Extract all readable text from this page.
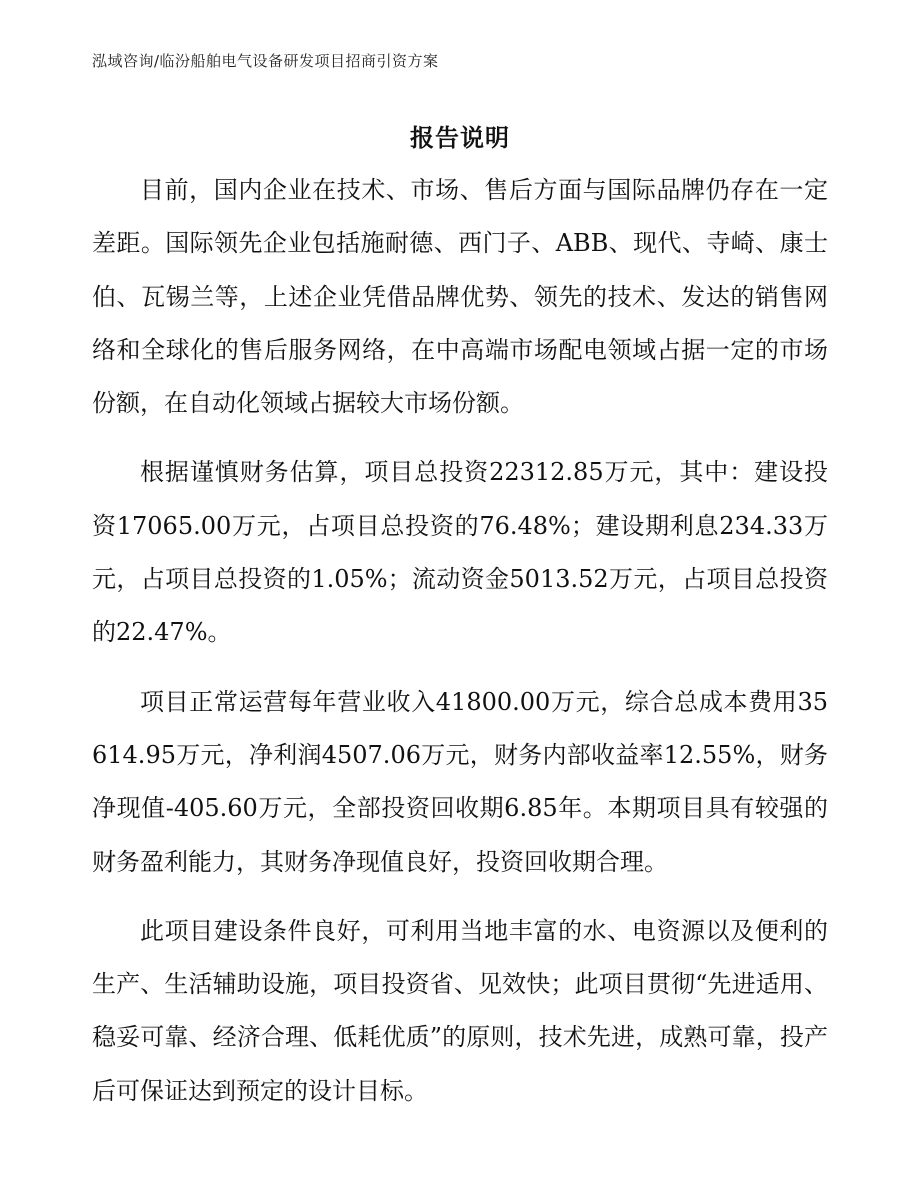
泓域咨询/临汾船舶电气设备研发项目招商引资方案
报告说明

目前，国内企业在技术、市场、售后方面与国际品牌仍存在一定差距。国际领先企业包括施耐德、西门子、ABB、现代、寺崎、康士伯、瓦锡兰等，上述企业凭借品牌优势、领先的技术、发达的销售网络和全球化的售后服务网络，在中高端市场配电领域占据一定的市场份额，在自动化领域占据较大市场份额。

根据谨慎财务估算，项目总投资22312.85万元，其中：建设投资17065.00万元，占项目总投资的76.48%；建设期利息234.33万元，占项目总投资的1.05%；流动资金5013.52万元，占项目总投资的22.47%。

项目正常运营每年营业收入41800.00万元，综合总成本费用35614.95万元，净利润4507.06万元，财务内部收益率12.55%，财务净现值-405.60万元，全部投资回收期6.85年。本期项目具有较强的财务盈利能力，其财务净现值良好，投资回收期合理。

此项目建设条件良好，可利用当地丰富的水、电资源以及便利的生产、生活辅助设施，项目投资省、见效快；此项目贯彻“先进适用、稳妥可靠、经济合理、低耗优质”的原则，技术先进，成熟可靠，投产后可保证达到预定的设计目标。
